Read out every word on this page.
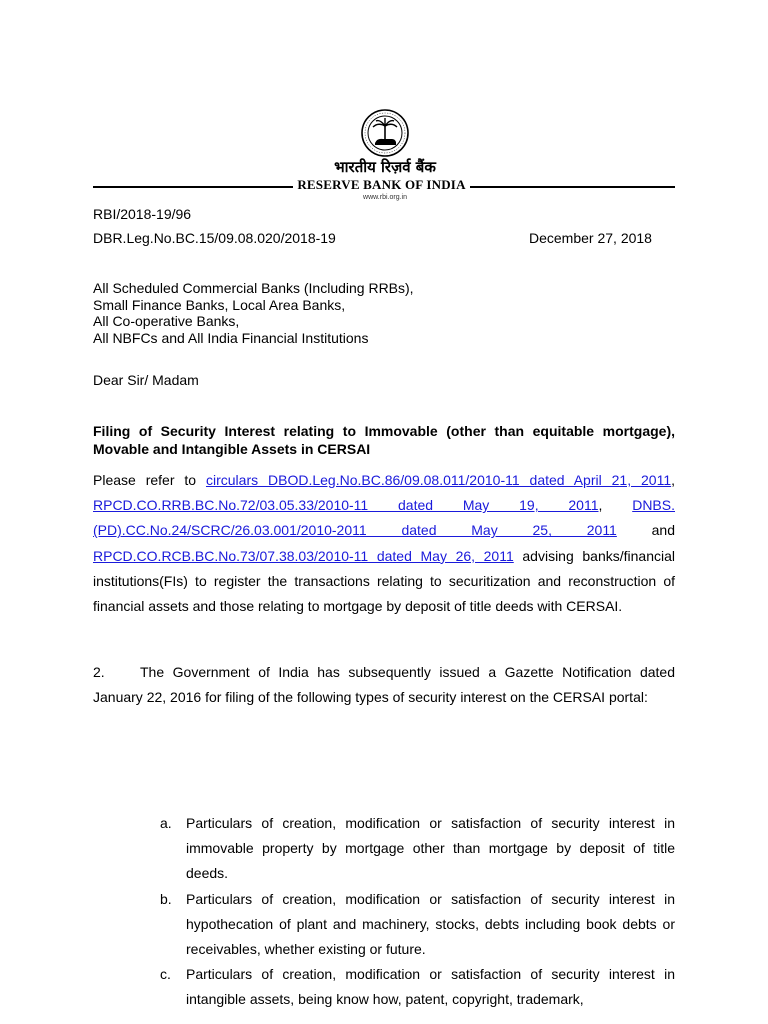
भारतीय रिज़र्व बैंक
RESERVE BANK OF INDIA
www.rbi.org.in
RBI/2018-19/96
DBR.Leg.No.BC.15/09.08.020/2018-19	December 27, 2018
All Scheduled Commercial Banks (Including RRBs),
Small Finance Banks, Local Area Banks,
All Co-operative Banks,
All NBFCs and All India Financial Institutions
Dear Sir/ Madam
Filing of Security Interest relating to Immovable (other than equitable mortgage), Movable and Intangible Assets in CERSAI
Please refer to circulars DBOD.Leg.No.BC.86/09.08.011/2010-11 dated April 21, 2011, RPCD.CO.RRB.BC.No.72/03.05.33/2010-11 dated May 19, 2011, DNBS.(PD).CC.No.24/SCRC/26.03.001/2010-2011 dated May 25, 2011 and RPCD.CO.RCB.BC.No.73/07.38.03/2010-11 dated May 26, 2011 advising banks/financial institutions(FIs) to register the transactions relating to securitization and reconstruction of financial assets and those relating to mortgage by deposit of title deeds with CERSAI.
2.	The Government of India has subsequently issued a Gazette Notification dated January 22, 2016 for filing of the following types of security interest on the CERSAI portal:
a. Particulars of creation, modification or satisfaction of security interest in immovable property by mortgage other than mortgage by deposit of title deeds.
b. Particulars of creation, modification or satisfaction of security interest in hypothecation of plant and machinery, stocks, debts including book debts or receivables, whether existing or future.
c. Particulars of creation, modification or satisfaction of security interest in intangible assets, being know how, patent, copyright, trademark,
